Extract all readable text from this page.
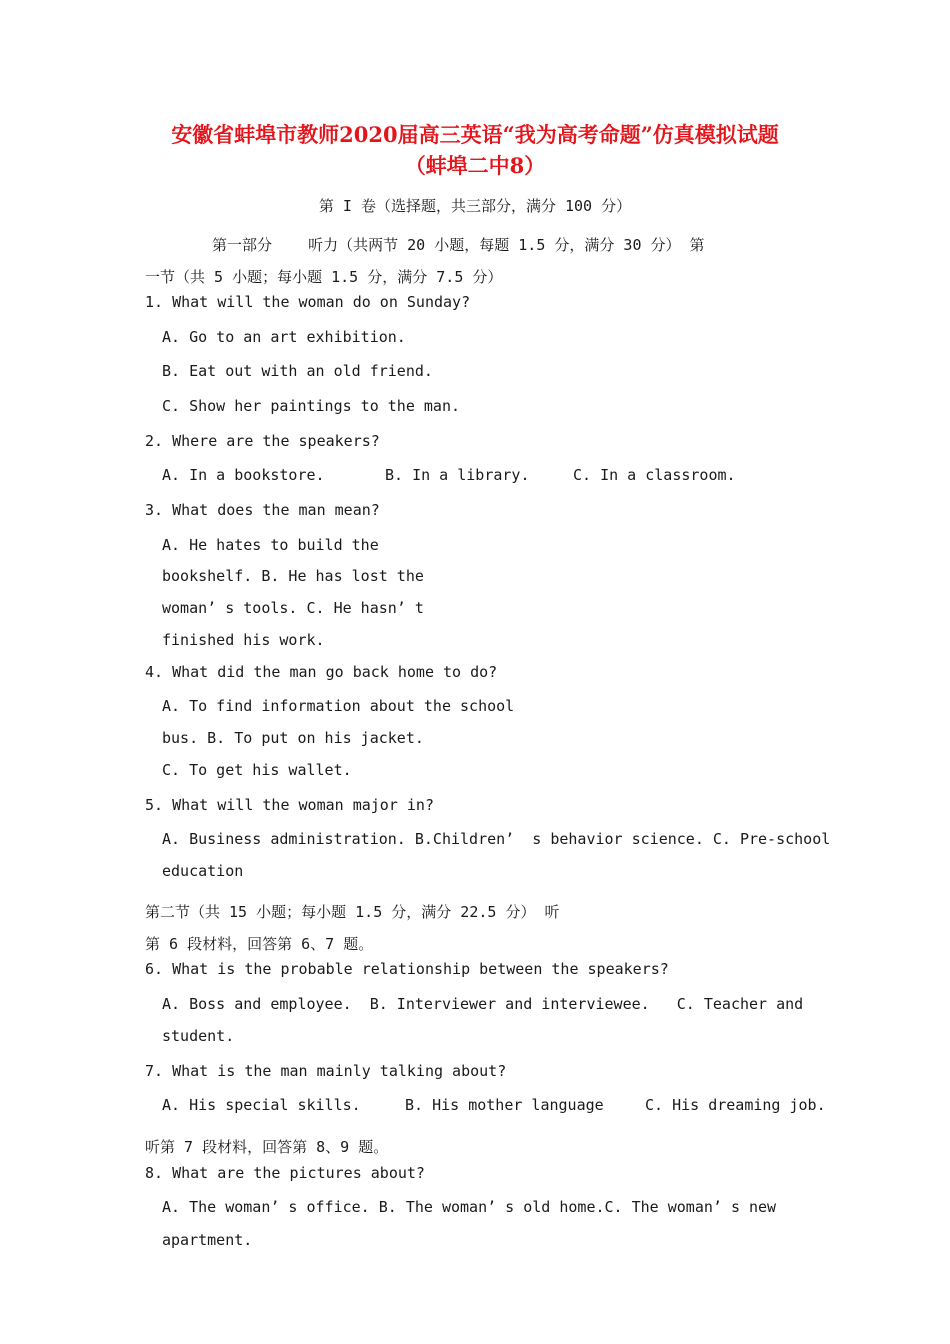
安徽省蚌埠市教师2020届高三英语“我为高考命题”仿真模拟试题
（蚌埠二中8）
第 I 卷（选择题，共三部分，满分 100 分）
第一部分    听力（共两节 20 小题，每题 1.5 分，满分 30 分） 第
一节（共 5 小题；每小题 1.5 分，满分 7.5 分）
1. What will the woman do on Sunday?
A. Go to an art exhibition.
B. Eat out with an old friend.
C. Show her paintings to the man.
2. Where are the speakers?
A. In a bookstore.	B. In a library.	C. In a classroom.
3. What does the man mean?
A. He hates to build the
bookshelf. B. He has lost the
woman’ s tools. C. He hasn’ t
finished his work.
4. What did the man go back home to do?
A. To find information about the school
bus. B. To put on his jacket.
C. To get his wallet.
5. What will the woman major in?
A. Business administration. B.Children’  s behavior science. C. Pre-school
education
第二节（共 15 小题；每小题 1.5 分，满分 22.5 分） 听
第 6 段材料，回答第 6、7 题。
6. What is the probable relationship between the speakers?
A. Boss and employee.  B. Interviewer and interviewee.   C. Teacher and
student.
7. What is the man mainly talking about?
A. His special skills.	B. His mother language	C. His dreaming job.
听第 7 段材料，回答第 8、9 题。
8. What are the pictures about?
A. The woman’ s office. B. The woman’ s old home.C. The woman’ s new
apartment.
